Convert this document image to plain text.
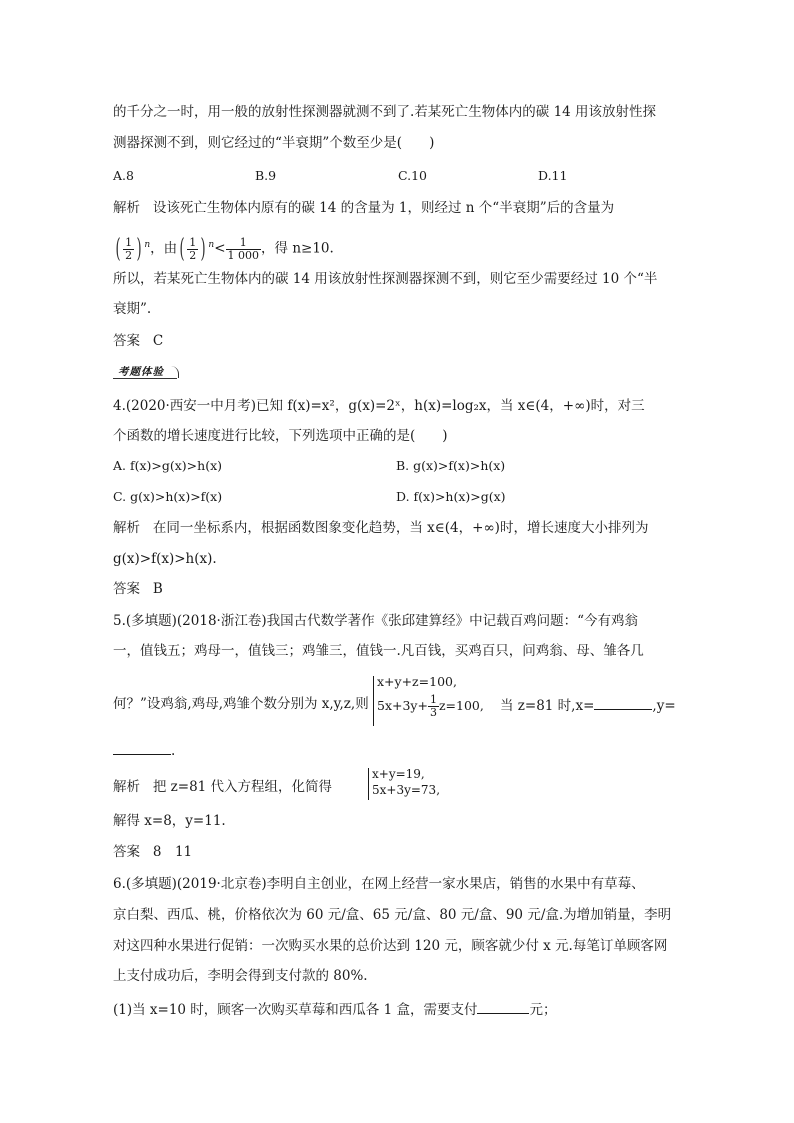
的千分之一时，用一般的放射性探测器就测不到了.若某死亡生物体内的碳 14 用该放射性探
测器探测不到，则它经过的“半衰期”个数至少是(　　)
A.8	B.9	C.10	D.11
解析 设该死亡生物体内原有的碳 14 的含量为 1，则经过 n 个“半衰期”后的含量为
( $\frac{1}{2}$ ) $^n$，由( $\frac{1}{2}$ ) $^n< \frac{1}{1 000}$ ，得 n≥10.
所以，若某死亡生物体内的碳 14 用该放射性探测器探测不到，则它至少需要经过 10 个“半
衰期”.
答案 C
考题体验
4.(2020·西安一中月考)已知 f(x)=x²，g(x)=2ˣ，h(x)=log₂x，当 x∈(4，+∞)时，对三
个函数的增长速度进行比较，下列选项中正确的是(　　)
A. f(x)>g(x)>h(x)	B. g(x)>f(x)>h(x)
C. g(x)>h(x)>f(x)	D. f(x)>h(x)>g(x)
解析 在同一坐标系内，根据函数图象变化趋势，当 x∈(4，+∞)时，增长速度大小排列为
g(x)>f(x)>h(x).
答案 B
5.(多填题)(2018·浙江卷)我国古代数学著作《张邱建算经》中记载百鸡问题：“今有鸡翁
一，值钱五；鸡母一，值钱三；鸡雏三，值钱一.凡百钱，买鸡百只，问鸡翁、母、雏各几
何？”设鸡翁,鸡母,鸡雏个数分别为 x,y,z,则
x+y+z=100,
$5x+3y+ \frac{1}{3} z=100$, 当 z=81 时,x=	,y=
.
解析 把 z=81 代入方程组，化简得
x+y=19,
5x+3y=73,
解得 x=8，y=11.
答案 8　11
6.(多填题)(2019·北京卷)李明自主创业，在网上经营一家水果店，销售的水果中有草莓、
京白梨、西瓜、桃，价格依次为 60 元/盒、65 元/盒、80 元/盒、90 元/盒.为增加销量，李明
对这四种水果进行促销：一次购买水果的总价达到 120 元，顾客就少付 x 元.每笔订单顾客网
上支付成功后，李明会得到支付款的 80%.
(1)当 x=10 时，顾客一次购买草莓和西瓜各 1 盒，需要支付	元；
